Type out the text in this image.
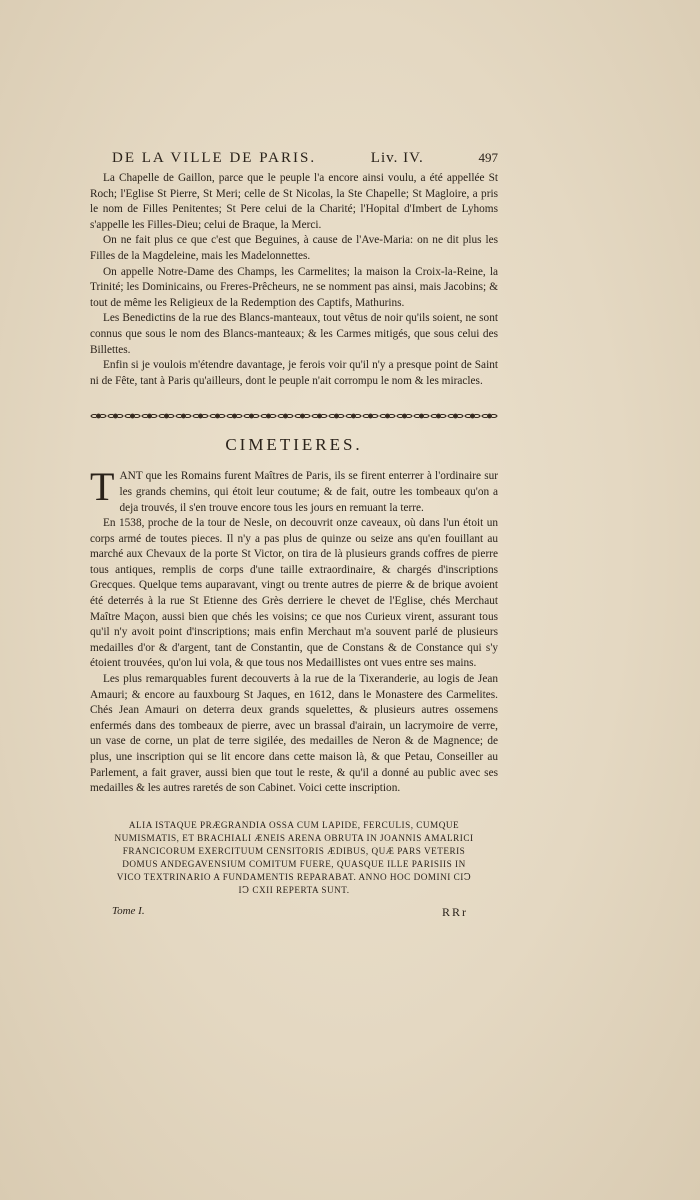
DE LA VILLE DE PARIS.	Liv. IV.	497

La Chapelle de Gaillon, parce que le peuple l'a encore ainsi voulu, a été appellée St Roch; l'Eglise St Pierre, St Meri; celle de St Nicolas, la Ste Chapelle; St Magloire, a pris le nom de Filles Penitentes; St Pere celui de la Charité; l'Hopital d'Imbert de Lyhoms s'appelle les Filles-Dieu; celui de Braque, la Merci.

On ne fait plus ce que c'est que Beguines, à cause de l'Ave-Maria: on ne dit plus les Filles de la Magdeleine, mais les Madelonnettes.

On appelle Notre-Dame des Champs, les Carmelites; la maison la Croix-la-Reine, la Trinité; les Dominicains, ou Freres-Prêcheurs, ne se nomment pas ainsi, mais Jacobins; & tout de même les Religieux de la Redemption des Captifs, Mathurins.

Les Benedictins de la rue des Blancs-manteaux, tout vêtus de noir qu'ils soient, ne sont connus que sous le nom des Blancs-manteaux; & les Carmes mitigés, que sous celui des Billettes.

Enfin si je voulois m'étendre davantage, je ferois voir qu'il n'y a presque point de Saint ni de Fête, tant à Paris qu'ailleurs, dont le peuple n'ait corrompu le nom & les miracles.

CIMETIERES.

TANT que les Romains furent Maîtres de Paris, ils se firent enterrer à l'ordinaire sur les grands chemins, qui étoit leur coutume; & de fait, outre les tombeaux qu'on a deja trouvés, il s'en trouve encore tous les jours en remuant la terre.

En 1538, proche de la tour de Nesle, on decouvrit onze caveaux, où dans l'un étoit un corps armé de toutes pieces. Il n'y a pas plus de quinze ou seize ans qu'en fouillant au marché aux Chevaux de la porte St Victor, on tira de là plusieurs grands coffres de pierre tous antiques, remplis de corps d'une taille extraordinaire, & chargés d'inscriptions Grecques. Quelque tems auparavant, vingt ou trente autres de pierre & de brique avoient été deterrés à la rue St Etienne des Grès derriere le chevet de l'Eglise, chés Merchaut Maître Maçon, aussi bien que chés les voisins; ce que nos Curieux virent, assurant tous qu'il n'y avoit point d'inscriptions; mais enfin Merchaut m'a souvent parlé de plusieurs medailles d'or & d'argent, tant de Constantin, que de Constans & de Constance qui s'y étoient trouvées, qu'on lui vola, & que tous nos Medaillistes ont vues entre ses mains.

Les plus remarquables furent decouverts à la rue de la Tixeranderie, au logis de Jean Amauri; & encore au fauxbourg St Jaques, en 1612, dans le Monastere des Carmelites. Chés Jean Amauri on deterra deux grands squelettes, & plusieurs autres ossemens enfermés dans des tombeaux de pierre, avec un brassal d'airain, un lacrymoire de verre, un vase de corne, un plat de terre sigilée, des medailles de Neron & de Magnence; de plus, une inscription qui se lit encore dans cette maison là, & que Petau, Conseiller au Parlement, a fait graver, aussi bien que tout le reste, & qu'il a donné au public avec ses medailles & les autres raretés de son Cabinet. Voici cette inscription.

ALIA ISTAQUE PRÆGRANDIA OSSA CUM LAPIDE, FERCULIS, CUMQUE NUMISMATIS, ET BRACHIALI ÆNEIS ARENA OBRUTA IN JOANNIS AMALRICI FRANCICORUM EXERCITUUM CENSITORIS ÆDIBUS, QUÆ PARS VETERIS DOMUS ANDEGAVENSIUM COMITUM FUERE, QUASQUE ILLE PARISIIS IN VICO TEXTRINARIO A FUNDAMENTIS REPARABAT. ANNO HOC DOMINI CIↃ IↃ CXII REPERTA SUNT.
Tome I.	RRr
